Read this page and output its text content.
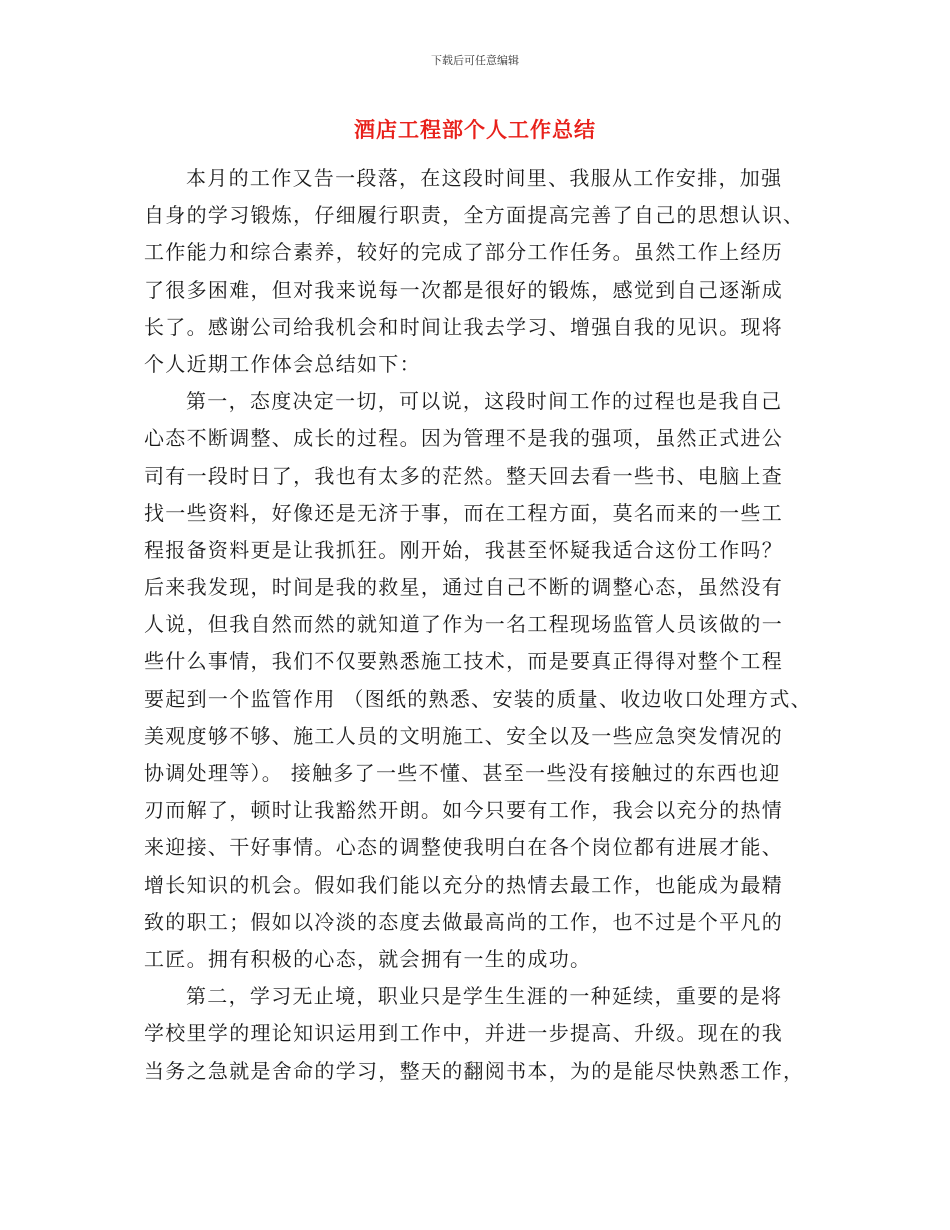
下载后可任意编辑
酒店工程部个人工作总结
本月的工作又告一段落，在这段时间里、我服从工作安排，加强
自身的学习锻炼，仔细履行职责，全方面提高完善了自己的思想认识、
工作能力和综合素养，较好的完成了部分工作任务。虽然工作上经历
了很多困难，但对我来说每一次都是很好的锻炼，感觉到自己逐渐成
长了。感谢公司给我机会和时间让我去学习、增强自我的见识。现将
个人近期工作体会总结如下：
第一，态度决定一切，可以说，这段时间工作的过程也是我自己
心态不断调整、成长的过程。因为管理不是我的强项，虽然正式进公
司有一段时日了，我也有太多的茫然。整天回去看一些书、电脑上查
找一些资料，好像还是无济于事，而在工程方面，莫名而来的一些工
程报备资料更是让我抓狂。刚开始，我甚至怀疑我适合这份工作吗？
后来我发现，时间是我的救星，通过自己不断的调整心态，虽然没有
人说，但我自然而然的就知道了作为一名工程现场监管人员该做的一
些什么事情，我们不仅要熟悉施工技术，而是要真正得得对整个工程
要起到一个监管作用 （图纸的熟悉、安装的质量、收边收口处理方式、
美观度够不够、施工人员的文明施工、安全以及一些应急突发情况的
协调处理等）。 接触多了一些不懂、甚至一些没有接触过的东西也迎
刃而解了，顿时让我豁然开朗。如今只要有工作，我会以充分的热情
来迎接、干好事情。心态的调整使我明白在各个岗位都有进展才能、
增长知识的机会。假如我们能以充分的热情去最工作，也能成为最精
致的职工；假如以冷淡的态度去做最高尚的工作，也不过是个平凡的
工匠。拥有积极的心态，就会拥有一生的成功。
第二，学习无止境，职业只是学生生涯的一种延续，重要的是将
学校里学的理论知识运用到工作中，并进一步提高、升级。现在的我
当务之急就是舍命的学习，整天的翻阅书本，为的是能尽快熟悉工作，
